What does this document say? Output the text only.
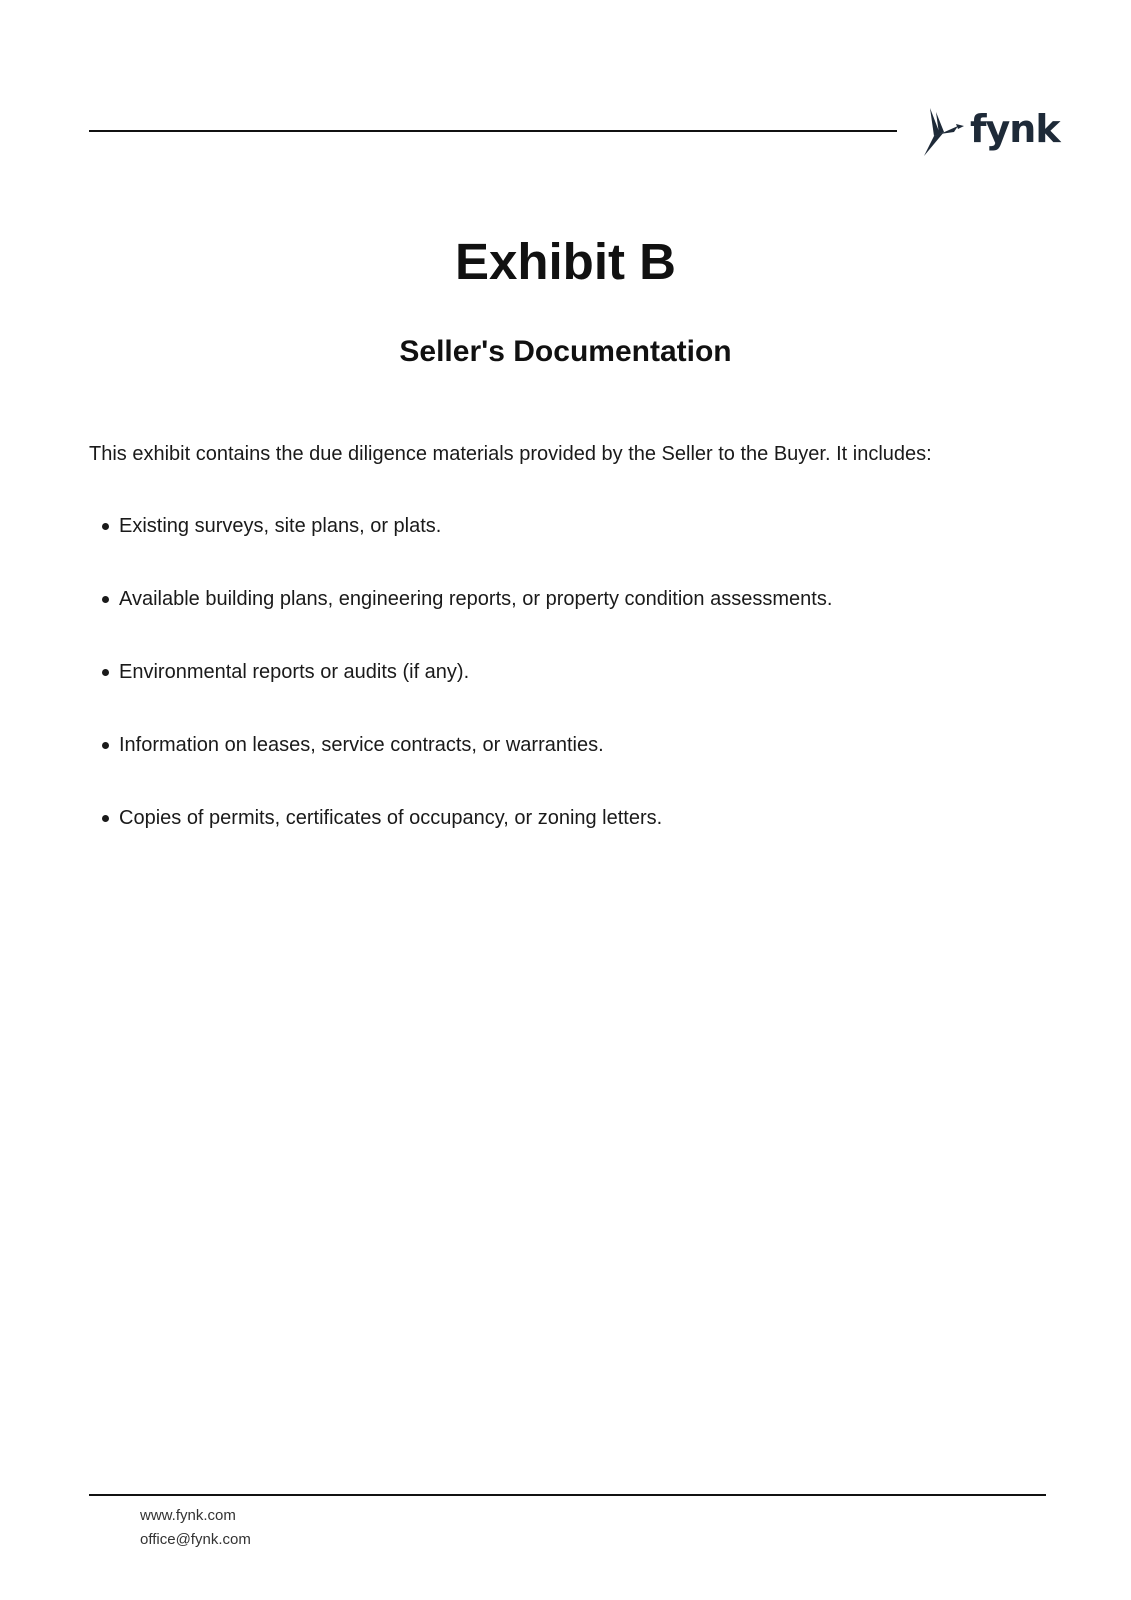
fynk
Exhibit B
Seller's Documentation

This exhibit contains the due diligence materials provided by the Seller to the Buyer. It includes:

Existing surveys, site plans, or plats.
Available building plans, engineering reports, or property condition assessments.
Environmental reports or audits (if any).
Information on leases, service contracts, or warranties.
Copies of permits, certificates of occupancy, or zoning letters.
www.fynk.com
office@fynk.com
